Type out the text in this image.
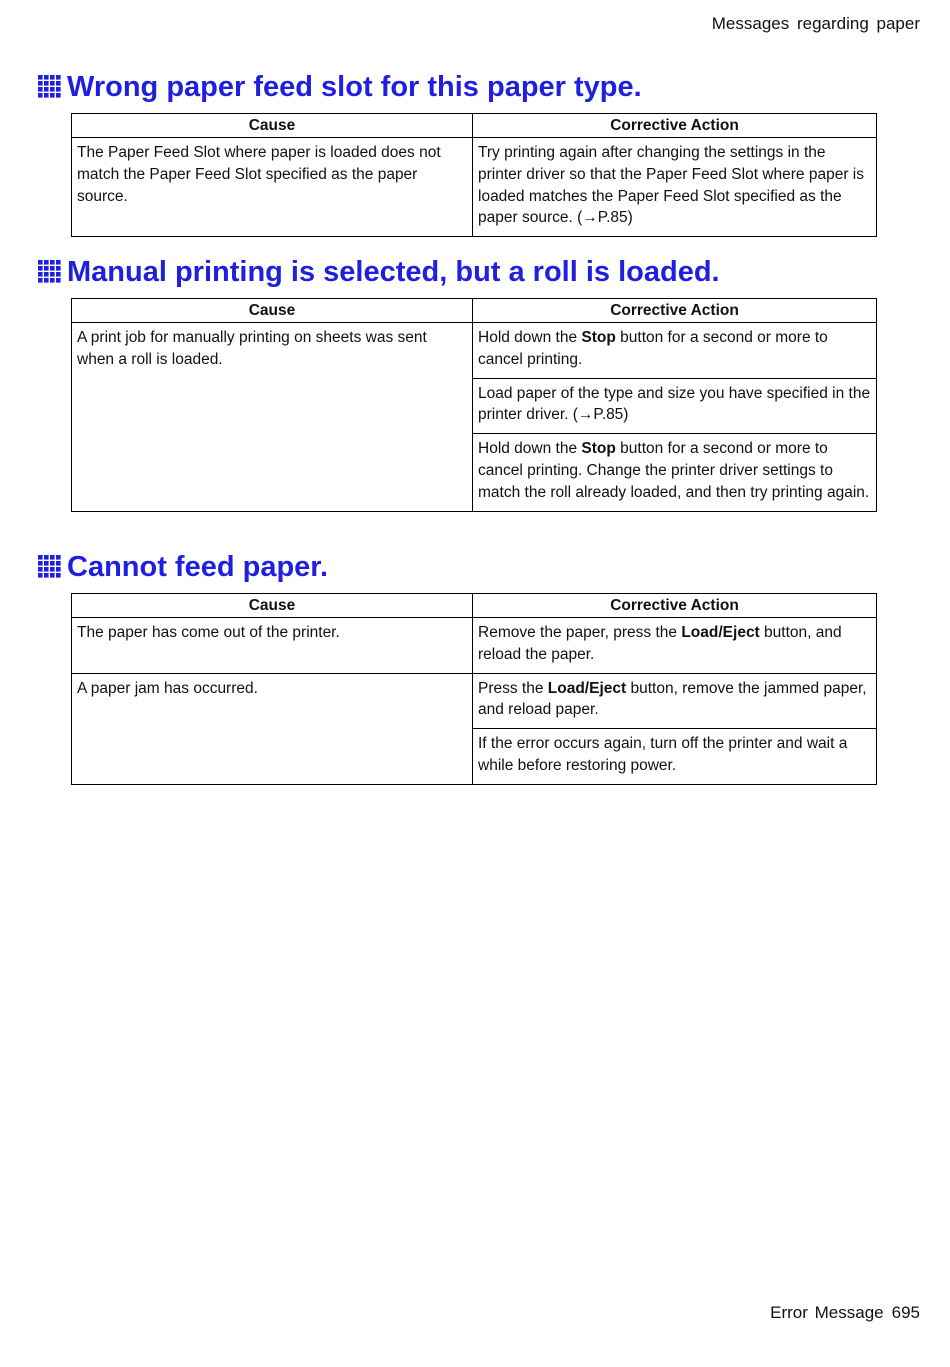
Messages regarding paper
Wrong paper feed slot for this paper type.
Cause	Corrective Action
The Paper Feed Slot where paper is loaded does not match the Paper Feed Slot specified as the paper source.	Try printing again after changing the settings in the printer driver so that the Paper Feed Slot where paper is loaded matches the Paper Feed Slot specified as the paper source. (→P.85)
Manual printing is selected, but a roll is loaded.
Cause	Corrective Action
A print job for manually printing on sheets was sent when a roll is loaded.	Hold down the Stop button for a second or more to cancel printing.
	Load paper of the type and size you have specified in the printer driver. (→P.85)
	Hold down the Stop button for a second or more to cancel printing. Change the printer driver settings to match the roll already loaded, and then try printing again.
Cannot feed paper.
Cause	Corrective Action
The paper has come out of the printer.	Remove the paper, press the Load/Eject button, and reload the paper.
A paper jam has occurred.	Press the Load/Eject button, remove the jammed paper, and reload paper.
	If the error occurs again, turn off the printer and wait a while before restoring power.
Error Message 695
